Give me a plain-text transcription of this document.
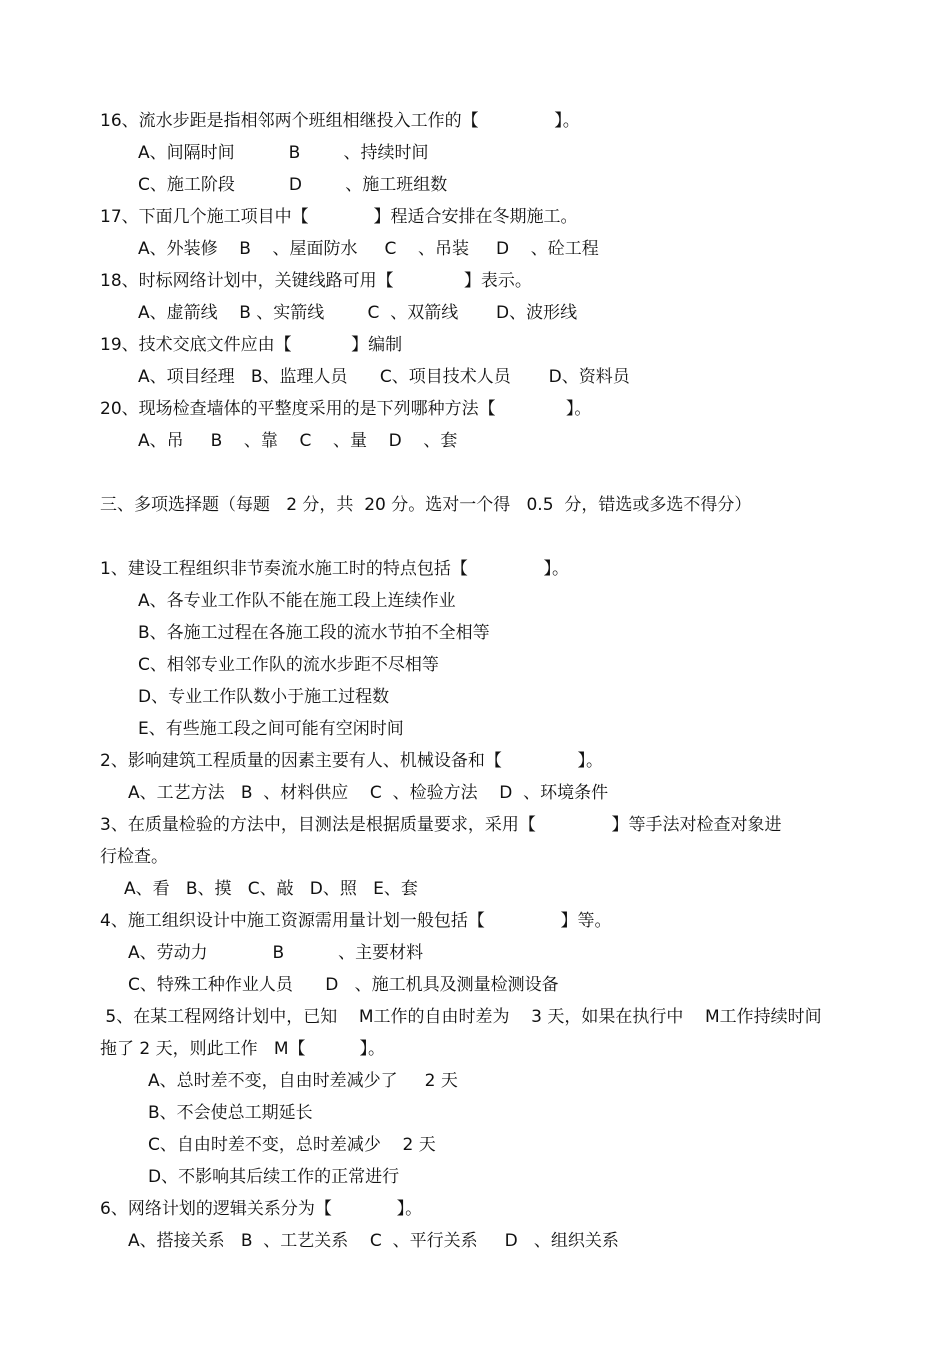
16、流水步距是指相邻两个班组相继投入工作的【              】。
A、间隔时间          B        、持续时间
C、施工阶段          D        、施工班组数
17、下面几个施工项目中【            】程适合安排在冬期施工。
A、外装修    B    、屋面防水     C    、吊装     D    、砼工程
18、时标网络计划中，关键线路可用【             】表示。
A、虚箭线    B 、实箭线        C  、双箭线       D、波形线
19、技术交底文件应由【           】编制
A、项目经理   B、监理人员      C、项目技术人员       D、资料员
20、现场检查墙体的平整度采用的是下列哪种方法【             】。
A、吊     B    、靠    C    、量    D    、套
三、多项选择题（每题   2 分，共  20 分。选对一个得   0.5  分，错选或多选不得分）
1、建设工程组织非节奏流水施工时的特点包括【              】。
A、各专业工作队不能在施工段上连续作业
B、各施工过程在各施工段的流水节拍不全相等
C、相邻专业工作队的流水步距不尽相等
D、专业工作队数小于施工过程数
E、有些施工段之间可能有空闲时间
2、影响建筑工程质量的因素主要有人、机械设备和【              】。
A、工艺方法   B  、材料供应    C  、检验方法    D  、环境条件
3、在质量检验的方法中，目测法是根据质量要求，采用【              】等手法对检查对象进
行检查。
A、看   B、摸   C、敲   D、照   E、套
4、施工组织设计中施工资源需用量计划一般包括【              】等。
A、劳动力            B          、主要材料
C、特殊工种作业人员      D   、施工机具及测量检测设备
5、在某工程网络计划中，已知    M工作的自由时差为    3 天，如果在执行中    M工作持续时间
拖了 2 天，则此工作   M【          】。
A、总时差不变，自由时差减少了     2 天
B、不会使总工期延长
C、自由时差不变，总时差减少    2 天
D、不影响其后续工作的正常进行
6、网络计划的逻辑关系分为【            】。
A、搭接关系   B  、工艺关系    C  、平行关系     D   、组织关系
